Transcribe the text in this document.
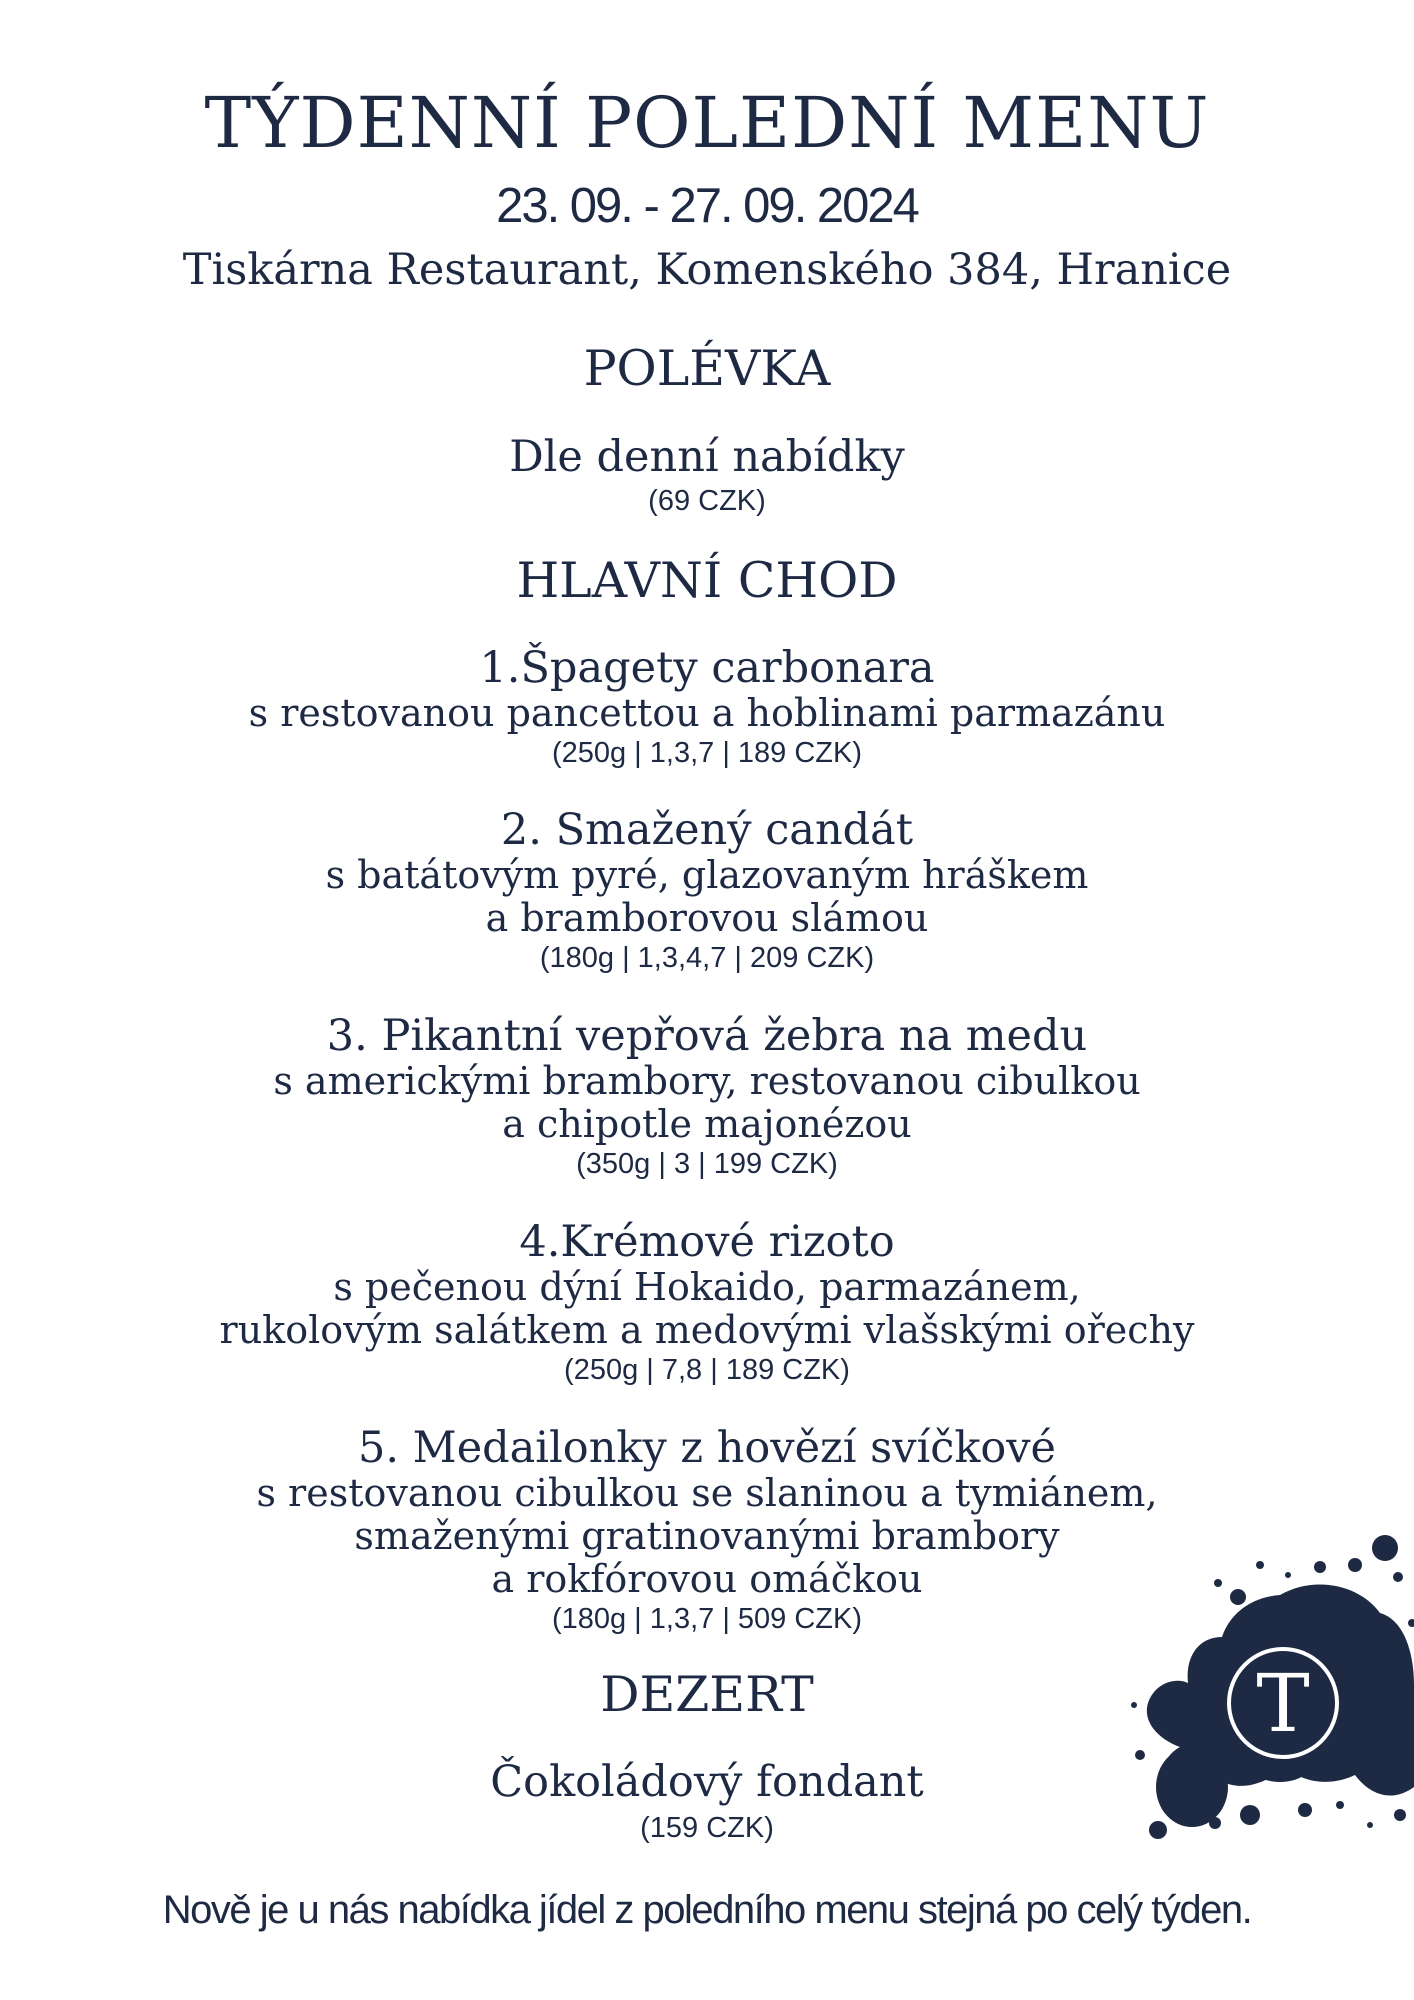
TÝDENNÍ POLEDNÍ MENU
23. 09. - 27. 09. 2024
Tiskárna Restaurant, Komenského 384, Hranice
POLÉVKA
Dle denní nabídky
(69 CZK)
HLAVNÍ CHOD
1.Špagety carbonara
s restovanou pancettou a hoblinami parmazánu
(250g | 1,3,7 | 189 CZK)
2. Smažený candát
s batátovým pyré, glazovaným hráškem
a bramborovou slámou
(180g | 1,3,4,7 | 209 CZK)
3. Pikantní vepřová žebra na medu
s americkými brambory, restovanou cibulkou
a chipotle majonézou
(350g | 3 | 199 CZK)
4.Krémové rizoto
s pečenou dýní Hokaido, parmazánem,
rukolovým salátkem a medovými vlašskými ořechy
(250g | 7,8 | 189 CZK)
5. Medailonky z hovězí svíčkové
s restovanou cibulkou se slaninou a tymiánem,
smaženými gratinovanými brambory
a rokfórovou omáčkou
(180g | 1,3,7 | 509 CZK)
DEZERT
Čokoládový fondant
(159 CZK)
Nově je u nás nabídka jídel z poledního menu stejná po celý týden.
T
